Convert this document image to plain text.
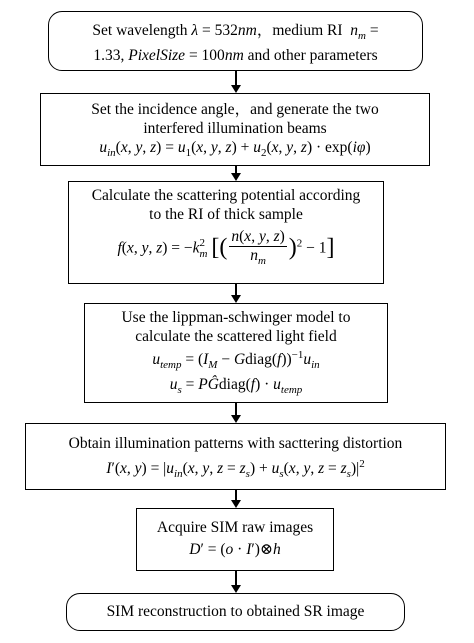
Set wavelength λ = 532nm，medium RI  $n_m$ =
1.33, PixelSize = 100nm and other parameters
Set the incidence angle，and generate the two
interfered illumination beams
$u_{in}(x$, y, $z) = u_1(x$, y, $z) + u_2(x$, y, z) · exp(iφ)
Calculate the scattering potential according
to the RI of thick sample
f(x, y, z) = −k 2
m [( $\frac{n(x, y, z)}{n_m} )^2 - 1$]
Use the lippman-schwinger model to
calculate the scattered light field
$u_{temp} = (I_M$ − $Gdiag(f))^{-1}u_{in}$
$u_s$ = PĜdiag(f) · $u_{temp}$
Obtain illumination patterns with sacttering distortion
I′(x, $y) = |u_{in}(x$, y, $z = z_s) + u_s(x$, y, $z = z_s)|^2$
Acquire SIM raw images
D′ = (o · I′)⊗h
SIM reconstruction to obtained SR image
